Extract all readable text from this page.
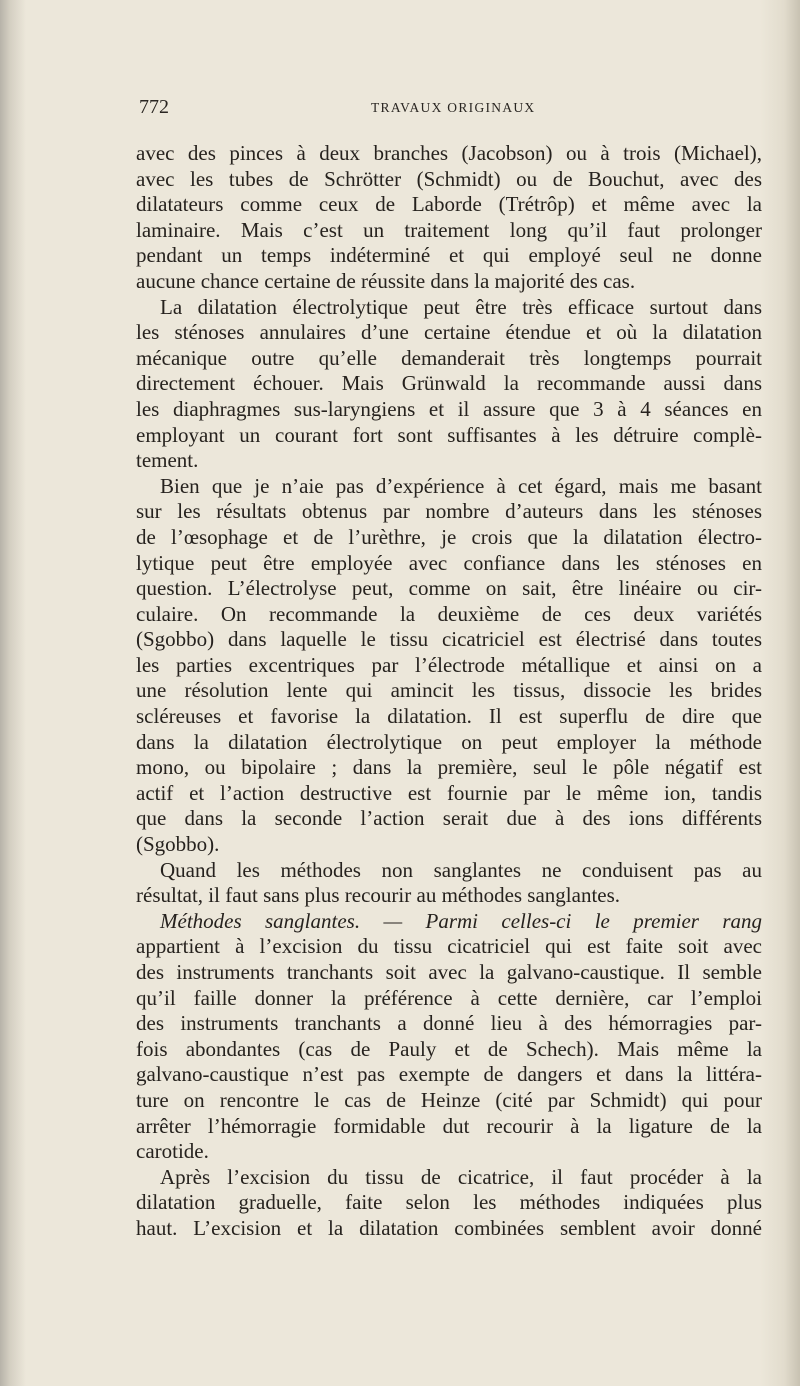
772	TRAVAUX ORIGINAUX
avec des pinces à deux branches (Jacobson) ou à trois (Michael),
avec les tubes de Schrötter (Schmidt) ou de Bouchut, avec des
dilatateurs comme ceux de Laborde (Trétrôp) et même avec la
laminaire. Mais c’est un traitement long qu’il faut prolonger
pendant un temps indéterminé et qui employé seul ne donne
aucune chance certaine de réussite dans la majorité des cas.
La dilatation électrolytique peut être très efficace surtout dans
les sténoses annulaires d’une certaine étendue et où la dilatation
mécanique outre qu’elle demanderait très longtemps pourrait
directement échouer. Mais Grünwald la recommande aussi dans
les diaphragmes sus-laryngiens et il assure que 3 à 4 séances en
employant un courant fort sont suffisantes à les détruire complè-
tement.
Bien que je n’aie pas d’expérience à cet égard, mais me basant
sur les résultats obtenus par nombre d’auteurs dans les sténoses
de l’œsophage et de l’urèthre, je crois que la dilatation électro-
lytique peut être employée avec confiance dans les sténoses en
question. L’électrolyse peut, comme on sait, être linéaire ou cir-
culaire. On recommande la deuxième de ces deux variétés
(Sgobbo) dans laquelle le tissu cicatriciel est électrisé dans toutes
les parties excentriques par l’électrode métallique et ainsi on a
une résolution lente qui amincit les tissus, dissocie les brides
scléreuses et favorise la dilatation. Il est superflu de dire que
dans la dilatation électrolytique on peut employer la méthode
mono, ou bipolaire ; dans la première, seul le pôle négatif est
actif et l’action destructive est fournie par le même ion, tandis
que dans la seconde l’action serait due à des ions différents
(Sgobbo).
Quand les méthodes non sanglantes ne conduisent pas au
résultat, il faut sans plus recourir au méthodes sanglantes.
Méthodes sanglantes. — Parmi celles-ci le premier rang
appartient à l’excision du tissu cicatriciel qui est faite soit avec
des instruments tranchants soit avec la galvano-caustique. Il semble
qu’il faille donner la préférence à cette dernière, car l’emploi
des instruments tranchants a donné lieu à des hémorragies par-
fois abondantes (cas de Pauly et de Schech). Mais même la
galvano-caustique n’est pas exempte de dangers et dans la littéra-
ture on rencontre le cas de Heinze (cité par Schmidt) qui pour
arrêter l’hémorragie formidable dut recourir à la ligature de la
carotide.
Après l’excision du tissu de cicatrice, il faut procéder à la
dilatation graduelle, faite selon les méthodes indiquées plus
haut. L’excision et la dilatation combinées semblent avoir donné
